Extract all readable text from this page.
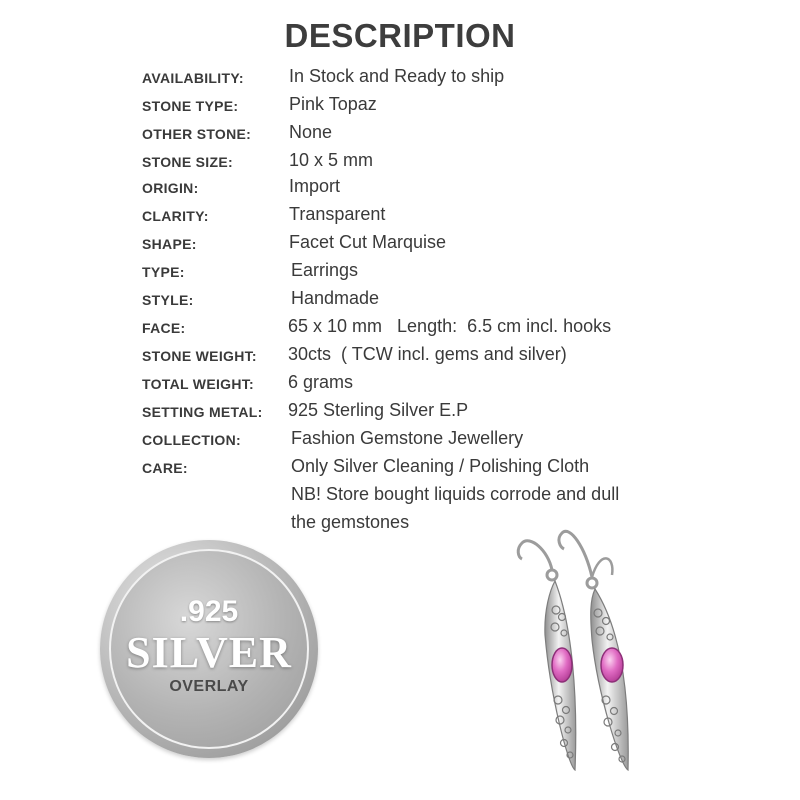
DESCRIPTION
AVAILABILITY:	In Stock and Ready to ship
STONE TYPE:	Pink Topaz
OTHER STONE: None
STONE SIZE:	10 x 5 mm
ORIGIN:	Import
CLARITY:	Transparent
SHAPE:	Facet Cut Marquise
TYPE:	Earrings
STYLE:	Handmade
FACE:	65 x 10 mm   Length:  6.5 cm incl. hooks
STONE WEIGHT: 30cts  ( TCW incl. gems and silver)
TOTAL WEIGHT: 6 grams
SETTING METAL: 925 Sterling Silver E.P
COLLECTION:	Fashion Gemstone Jewellery
CARE:	Only Silver Cleaning / Polishing Cloth
NB! Store bought liquids corrode and dull
the gemstones
.925
SILVER
OVERLAY
